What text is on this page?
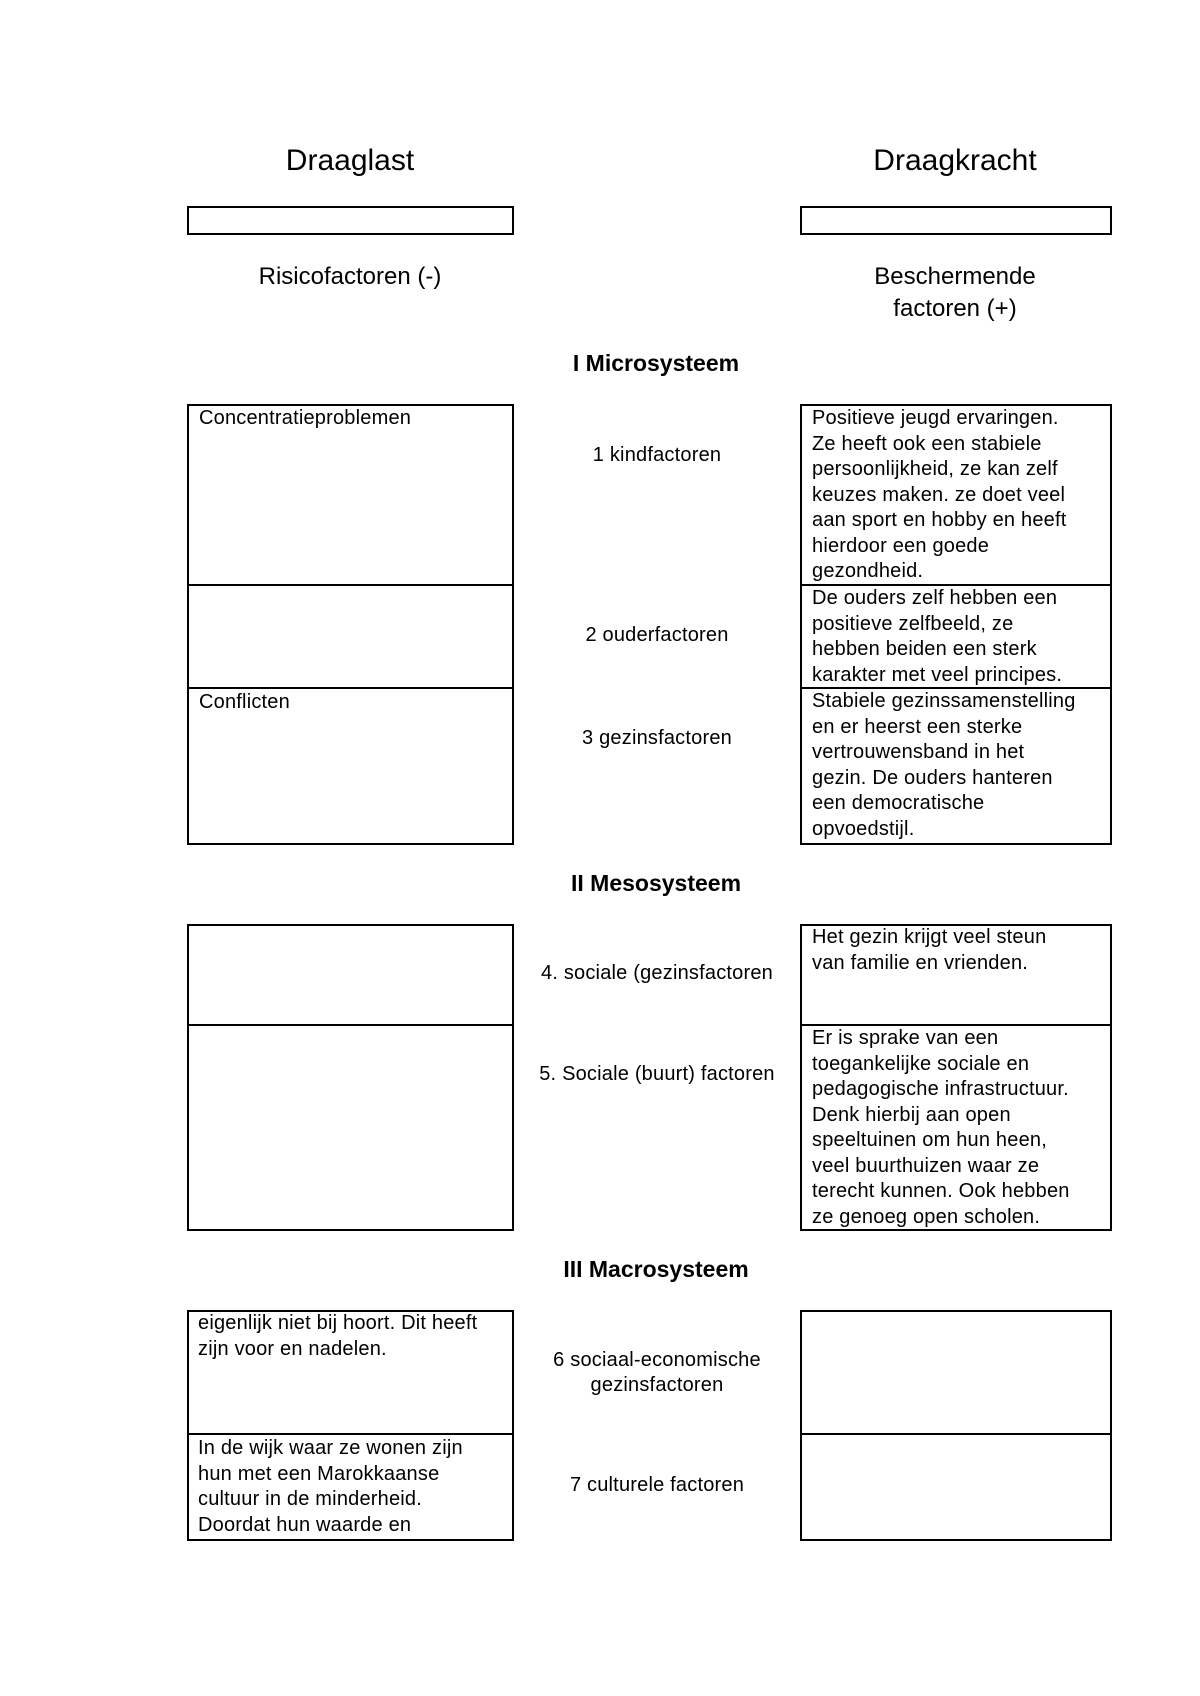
Draaglast	Draagkracht
Risicofactoren (-)	Beschermende
factoren (+)
I Microsysteem
II Mesosysteem
III Macrosysteem
Concentratieproblemen
1 kindfactoren
Positieve jeugd ervaringen.
Ze heeft ook een stabiele
persoonlijkheid, ze kan zelf
keuzes maken. ze doet veel
aan sport en hobby en heeft
hierdoor een goede
gezondheid.
2 ouderfactoren
De ouders zelf hebben een
positieve zelfbeeld, ze
hebben beiden een sterk
karakter met veel principes.
Conflicten
3 gezinsfactoren
Stabiele gezinssamenstelling
en er heerst een sterke
vertrouwensband in het
gezin. De ouders hanteren
een democratische
opvoedstijl.
4. sociale (gezinsfactoren
Het gezin krijgt veel steun
van familie en vrienden.
5. Sociale (buurt) factoren
Er is sprake van een
toegankelijke sociale en
pedagogische infrastructuur.
Denk hierbij aan open
speeltuinen om hun heen,
veel buurthuizen waar ze
terecht kunnen. Ook hebben
ze genoeg open scholen.
eigenlijk niet bij hoort. Dit heeft
zijn voor en nadelen.
6 sociaal-economische
gezinsfactoren
In de wijk waar ze wonen zijn
hun met een Marokkaanse
cultuur in de minderheid.
Doordat hun waarde en
7 culturele factoren
